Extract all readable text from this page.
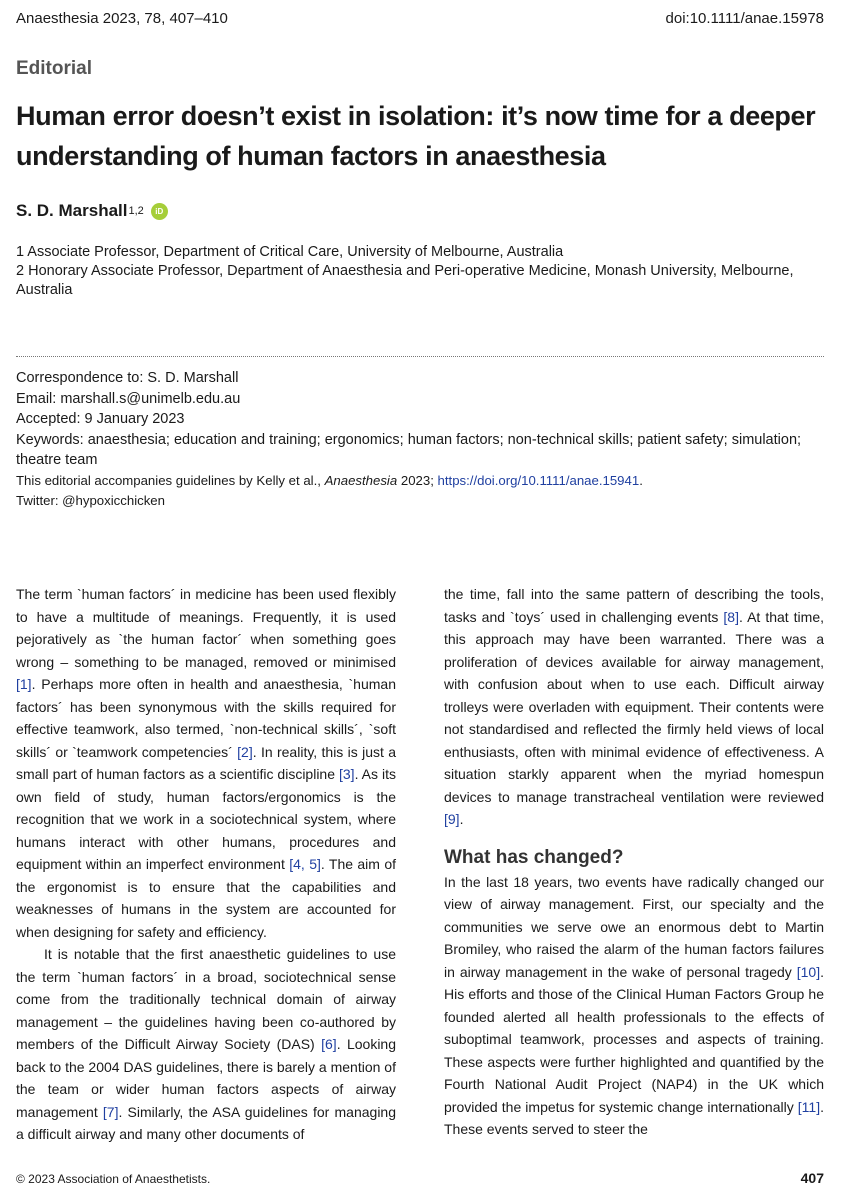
Anaesthesia 2023, 78, 407–410	doi:10.1111/anae.15978
Editorial
Human error doesn’t exist in isolation: it’s now time for a deeper understanding of human factors in anaesthesia
S. D. Marshall 1,2	iD
1 Associate Professor, Department of Critical Care, University of Melbourne, Australia
2 Honorary Associate Professor, Department of Anaesthesia and Peri-operative Medicine, Monash University, Melbourne, Australia
Correspondence to: S. D. Marshall
Email: marshall.s@unimelb.edu.au
Accepted: 9 January 2023
Keywords: anaesthesia; education and training; ergonomics; human factors; non-technical skills; patient safety; simulation; theatre team
This editorial accompanies guidelines by Kelly et al., Anaesthesia 2023; https://doi.org/10.1111/anae.15941.
Twitter: @hypoxicchicken

The term `human factors´ in medicine has been used flexibly to have a multitude of meanings. Frequently, it is used pejoratively as `the human factor´ when something goes wrong – something to be managed, removed or minimised [1]. Perhaps more often in health and anaesthesia, `human factors´ has been synonymous with the skills required for effective teamwork, also termed, `non-technical skills´, `soft skills´ or `teamwork competencies´ [2]. In reality, this is just a small part of human factors as a scientific discipline [3]. As its own field of study, human factors/ergonomics is the recognition that we work in a sociotechnical system, where humans interact with other humans, procedures and equipment within an imperfect environment [4, 5]. The aim of the ergonomist is to ensure that the capabilities and weaknesses of humans in the system are accounted for when designing for safety and efficiency.

It is notable that the first anaesthetic guidelines to use the term `human factors´ in a broad, sociotechnical sense come from the traditionally technical domain of airway management – the guidelines having been co-authored by members of the Difficult Airway Society (DAS) [6]. Looking back to the 2004 DAS guidelines, there is barely a mention of the team or wider human factors aspects of airway management [7]. Similarly, the ASA guidelines for managing a difficult airway and many other documents of

the time, fall into the same pattern of describing the tools, tasks and `toys´ used in challenging events [8]. At that time, this approach may have been warranted. There was a proliferation of devices available for airway management, with confusion about when to use each. Difficult airway trolleys were overladen with equipment. Their contents were not standardised and reflected the firmly held views of local enthusiasts, often with minimal evidence of effectiveness. A situation starkly apparent when the myriad homespun devices to manage transtracheal ventilation were reviewed [9].

What has changed?

In the last 18 years, two events have radically changed our view of airway management. First, our specialty and the communities we serve owe an enormous debt to Martin Bromiley, who raised the alarm of the human factors failures in airway management in the wake of personal tragedy [10]. His efforts and those of the Clinical Human Factors Group he founded alerted all health professionals to the effects of suboptimal teamwork, processes and aspects of training. These aspects were further highlighted and quantified by the Fourth National Audit Project (NAP4) in the UK which provided the impetus for systemic change internationally [11]. These events served to steer the

© 2023 Association of Anaesthetists.	407
